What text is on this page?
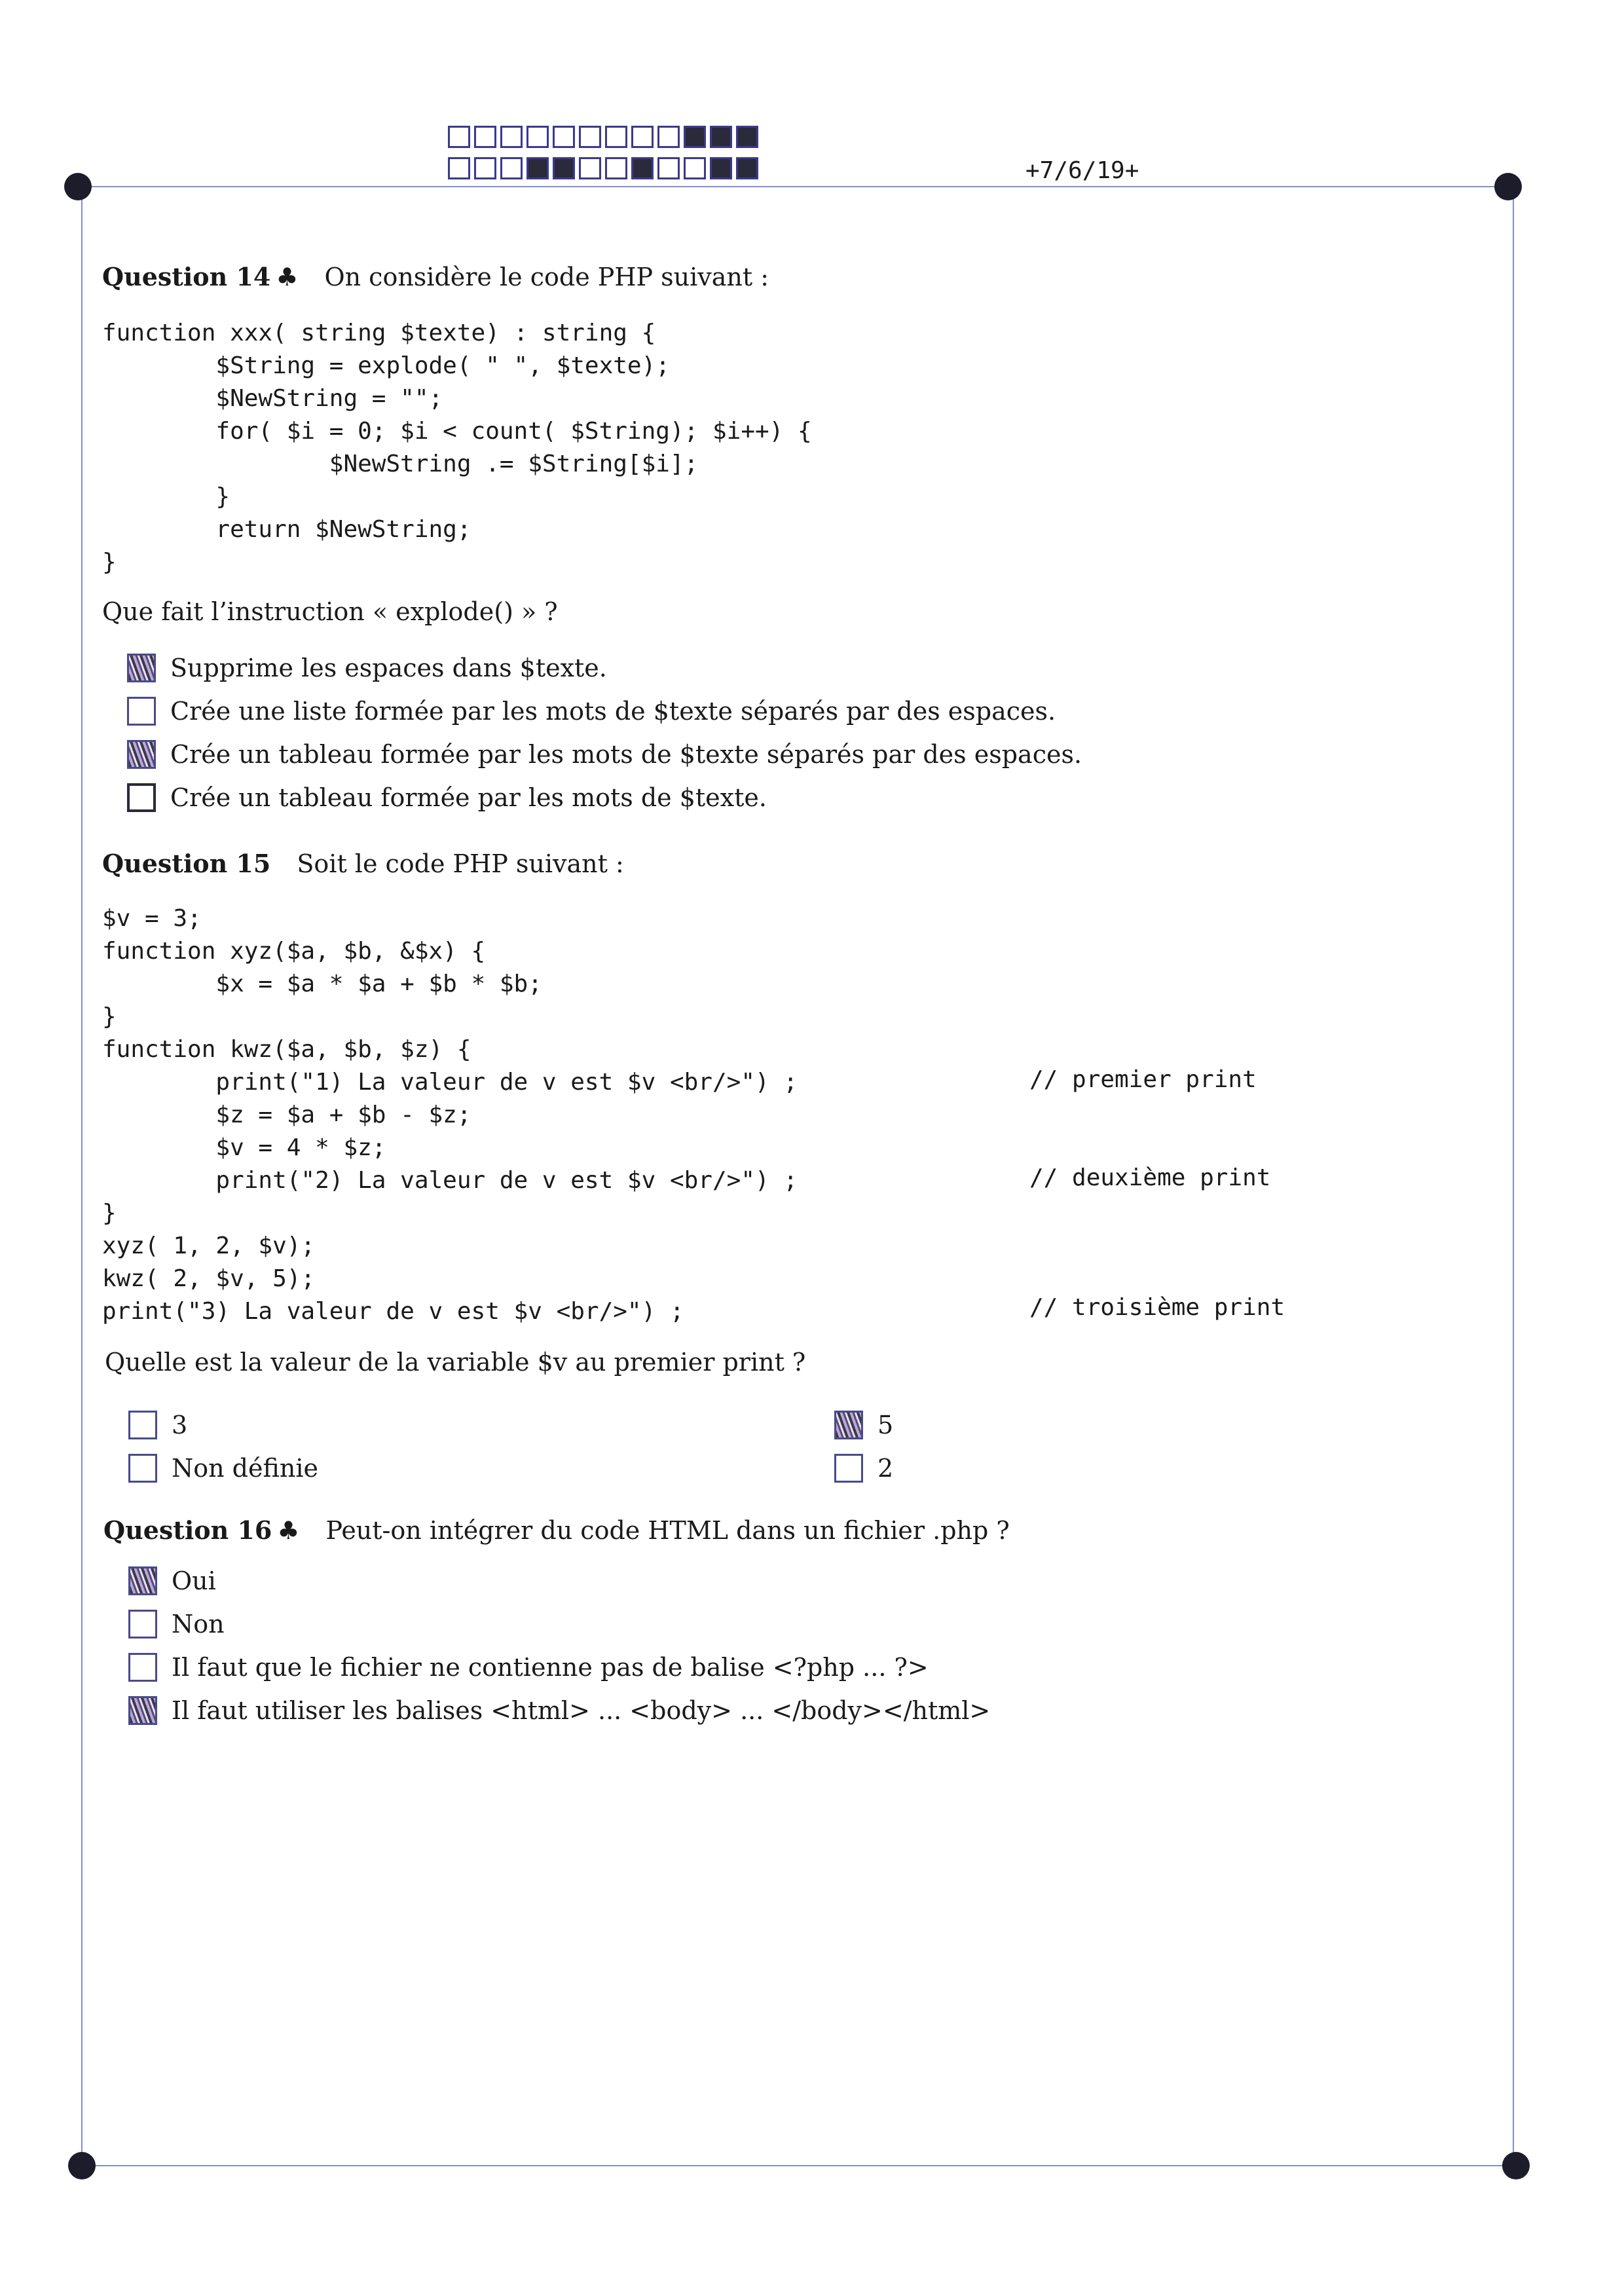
+7/6/19+
Question 14 ♣ On considère le code PHP suivant :
function xxx( string $texte) : string {
$String = explode( " ", $texte);
$NewString = "";
for( $i = 0; $i < count( $String); $i++) {
$NewString .= $String[$i];
}
return $NewString;
}
Que fait l’instruction « explode() » ?
Supprime les espaces dans $texte.
Crée une liste formée par les mots de $texte séparés par des espaces.
Crée un tableau formée par les mots de $texte séparés par des espaces.
Crée un tableau formée par les mots de $texte.
Question 15 Soit le code PHP suivant :
$v = 3;
function xyz($a, $b, &$x) {
$x = $a * $a + $b * $b;
}
function kwz($a, $b, $z) {
print("1) La valeur de v est $v <br/>") ;
$z = $a + $b - $z;
$v = 4 * $z;
print("2) La valeur de v est $v <br/>") ;
}
xyz( 1, 2, $v);
kwz( 2, $v, 5);
print("3) La valeur de v est $v <br/>") ;
// premier print
// deuxième print
// troisième print
Quelle est la valeur de la variable $v au premier print ?
3	5
Non définie	2
Question 16 ♣ Peut-on intégrer du code HTML dans un fichier .php ?
Oui
Non
Il faut que le fichier ne contienne pas de balise <?php ... ?>
Il faut utiliser les balises <html> ... <body> ... </body></html>
